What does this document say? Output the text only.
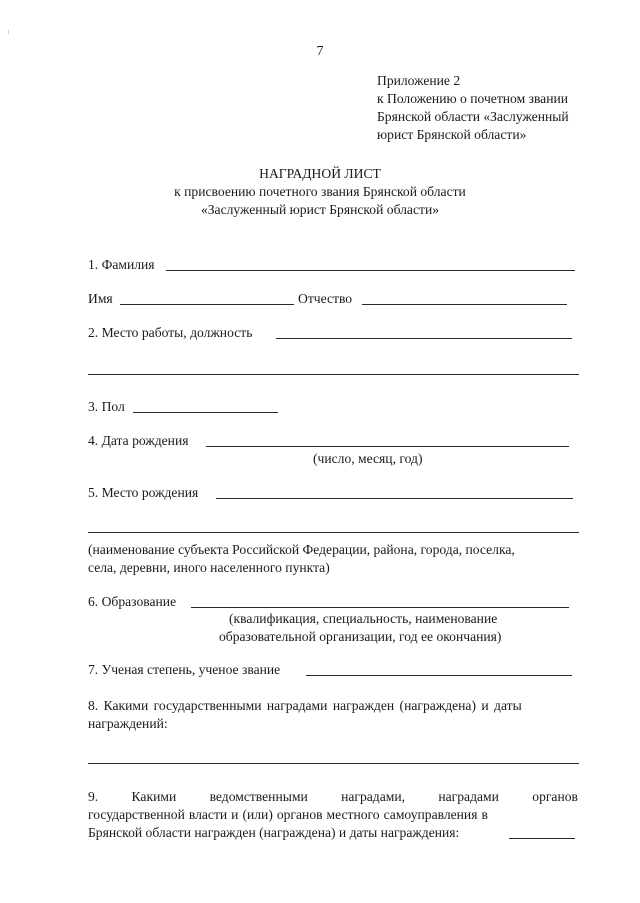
7
Приложение 2
к Положению о почетном звании
Брянской области «Заслуженный
юрист Брянской области»
НАГРАДНОЙ ЛИСТ
к присвоению почетного звания Брянской области
«Заслуженный юрист Брянской области»
1. Фамилия
Имя	Отчество
2. Место работы, должность
3. Пол
4. Дата рождения
(число, месяц, год)
5. Место рождения
(наименование субъекта Российской Федерации, района, города, поселка,
села, деревни, иного населенного пункта)
6. Образование
(квалификация, специальность, наименование
образовательной организации, год ее окончания)
7. Ученая степень, ученое звание
8. Какими государственными наградами награжден (награждена) и даты
награждений:
9. Какими ведомственными наградами, наградами органов
государственной власти и (или) органов местного самоуправления в
Брянской области награжден (награждена) и даты награждения:
